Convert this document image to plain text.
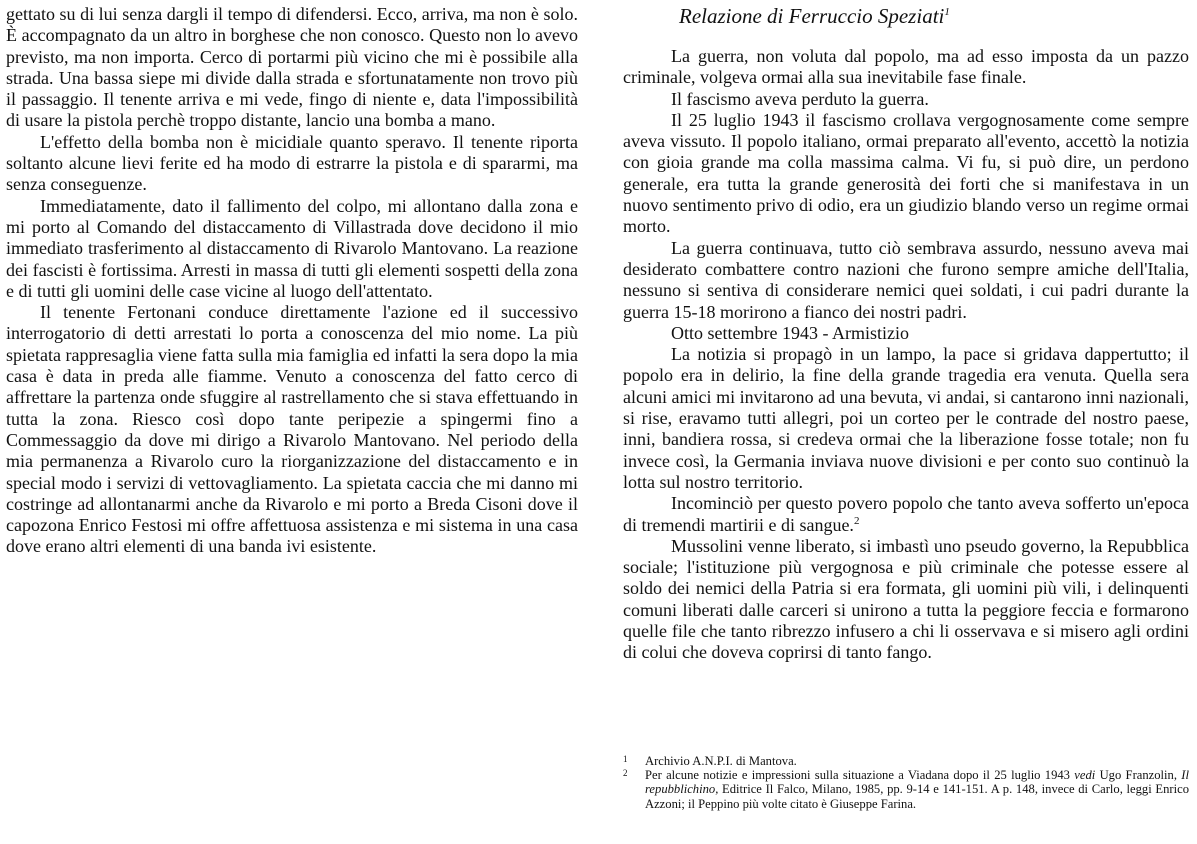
gettato su di lui senza dargli il tempo di difendersi. Ecco, arriva, ma non è solo. È accompagnato da un altro in borghese che non conosco. Questo non lo avevo previsto, ma non importa. Cerco di portarmi più vicino che mi è possibile alla strada. Una bassa siepe mi divide dalla strada e sfortunatamente non trovo più il passaggio. Il tenente arriva e mi vede, fingo di niente e, data l'impossibilità di usare la pistola perchè troppo distante, lancio una bomba a mano.

L'effetto della bomba non è micidiale quanto speravo. Il tenente riporta soltanto alcune lievi ferite ed ha modo di estrarre la pistola e di spararmi, ma senza conseguenze.

Immediatamente, dato il fallimento del colpo, mi allontano dalla zona e mi porto al Comando del distaccamento di Villastrada dove decidono il mio immediato trasferimento al distaccamento di Rivarolo Mantovano. La reazione dei fascisti è fortissima. Arresti in massa di tutti gli elementi sospetti della zona e di tutti gli uomini delle case vicine al luogo dell'attentato.

Il tenente Fertonani conduce direttamente l'azione ed il successivo interrogatorio di detti arrestati lo porta a conoscenza del mio nome. La più spietata rappresaglia viene fatta sulla mia famiglia ed infatti la sera dopo la mia casa è data in preda alle fiamme. Venuto a conoscenza del fatto cerco di affrettare la partenza onde sfuggire al rastrellamento che si stava effettuando in tutta la zona. Riesco così dopo tante peripezie a spingermi fino a Commessaggio da dove mi dirigo a Rivarolo Mantovano. Nel periodo della mia permanenza a Rivarolo curo la riorganizzazione del distaccamento e in special modo i servizi di vettovagliamento. La spietata caccia che mi danno mi costringe ad allontanarmi anche da Rivarolo e mi porto a Breda Cisoni dove il capozona Enrico Festosi mi offre affettuosa assistenza e mi sistema in una casa dove erano altri elementi di una banda ivi esistente.

Relazione di Ferruccio Speziati$^1$

La guerra, non voluta dal popolo, ma ad esso imposta da un pazzo criminale, volgeva ormai alla sua inevitabile fase finale.

Il fascismo aveva perduto la guerra.

Il 25 luglio 1943 il fascismo crollava vergognosamente come sempre aveva vissuto. Il popolo italiano, ormai preparato all'evento, accettò la notizia con gioia grande ma colla massima calma. Vi fu, si può dire, un perdono generale, era tutta la grande generosità dei forti che si manifestava in un nuovo sentimento privo di odio, era un giudizio blando verso un regime ormai morto.

La guerra continuava, tutto ciò sembrava assurdo, nessuno aveva mai desiderato combattere contro nazioni che furono sempre amiche dell'Italia, nessuno si sentiva di considerare nemici quei soldati, i cui padri durante la guerra 15-18 morirono a fianco dei nostri padri.

Otto settembre 1943 - Armistizio

La notizia si propagò in un lampo, la pace si gridava dappertutto; il popolo era in delirio, la fine della grande tragedia era venuta. Quella sera alcuni amici mi invitarono ad una bevuta, vi andai, si cantarono inni nazionali, si rise, eravamo tutti allegri, poi un corteo per le contrade del nostro paese, inni, bandiera rossa, si credeva ormai che la liberazione fosse totale; non fu invece così, la Germania inviava nuove divisioni e per conto suo continuò la lotta sul nostro territorio.

Incominciò per questo povero popolo che tanto aveva sofferto un'epoca di tremendi martirii e di sangue.$^2$

Mussolini venne liberato, si imbastì uno pseudo governo, la Repubblica sociale; l'istituzione più vergognosa e più criminale che potesse essere al soldo dei nemici della Patria si era formata, gli uomini più vili, i delinquenti comuni liberati dalle carceri si unirono a tutta la peggiore feccia e formarono quelle file che tanto ribrezzo infusero a chi li osservava e si misero agli ordini di colui che doveva coprirsi di tanto fango.

1	Archivio A.N.P.I. di Mantova.
2	Per alcune notizie e impressioni sulla situazione a Viadana dopo il 25 luglio 1943 vedi Ugo Franzolin, Il repubblichino, Editrice Il Falco, Milano, 1985, pp. 9-14 e 141-151. A p. 148, invece di Carlo, leggi Enrico Azzoni; il Peppino più volte citato è Giuseppe Farina.
